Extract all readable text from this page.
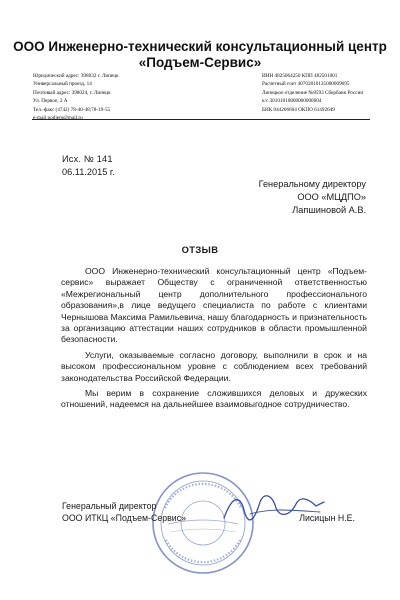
ООО Инженерно-технический консультационный центр
«Подъем-Сервис»
Юридический адрес: 398032 г. Липецк
Универсальный проезд, 14
Почтовый адрес: 398024, г. Липецк
Ул. Первое, 2 А
Тел.-факс (4742) 78-40-48;78-19-55
e-mail podjem@mail.ru
ИНН 4825064250 КПП 482501001
Расчетный счет 40702810135000009695
Липецкое отделение №8593 Сбербанк России
к/с 30101810800000000604
БИК 044206604 ОКПО 61492649
Исх. № 141
06.11.2015 г.
Генеральному директору
ООО «МЦДПО»
Лапшиновой А.В.
ОТЗЫВ

ООО Инженерно-технический консультационный центр «Подъем-сервис» выражает Обществу с ограниченной ответственностью «Межрегиональный центр дополнительного профессионального образования»,в лице ведущего специалиста по работе с клиентами Чернышова Максима Рамильевича, нашу благодарность и признательность за организацию аттестации наших сотрудников в области промышленной безопасности.

Услуги, оказываемые согласно договору, выполнили в срок и на высоком профессиональном уровне с соблюдением всех требований законодательства Российской Федерации.

Мы верим в сохранение сложившихся деловых и дружеских отношений, надеемся на дальнейшее взаимовыгодное сотрудничество.

Генеральный директор
ООО ИТКЦ «Подъем-Сервис»	Лисицын Н.Е.
